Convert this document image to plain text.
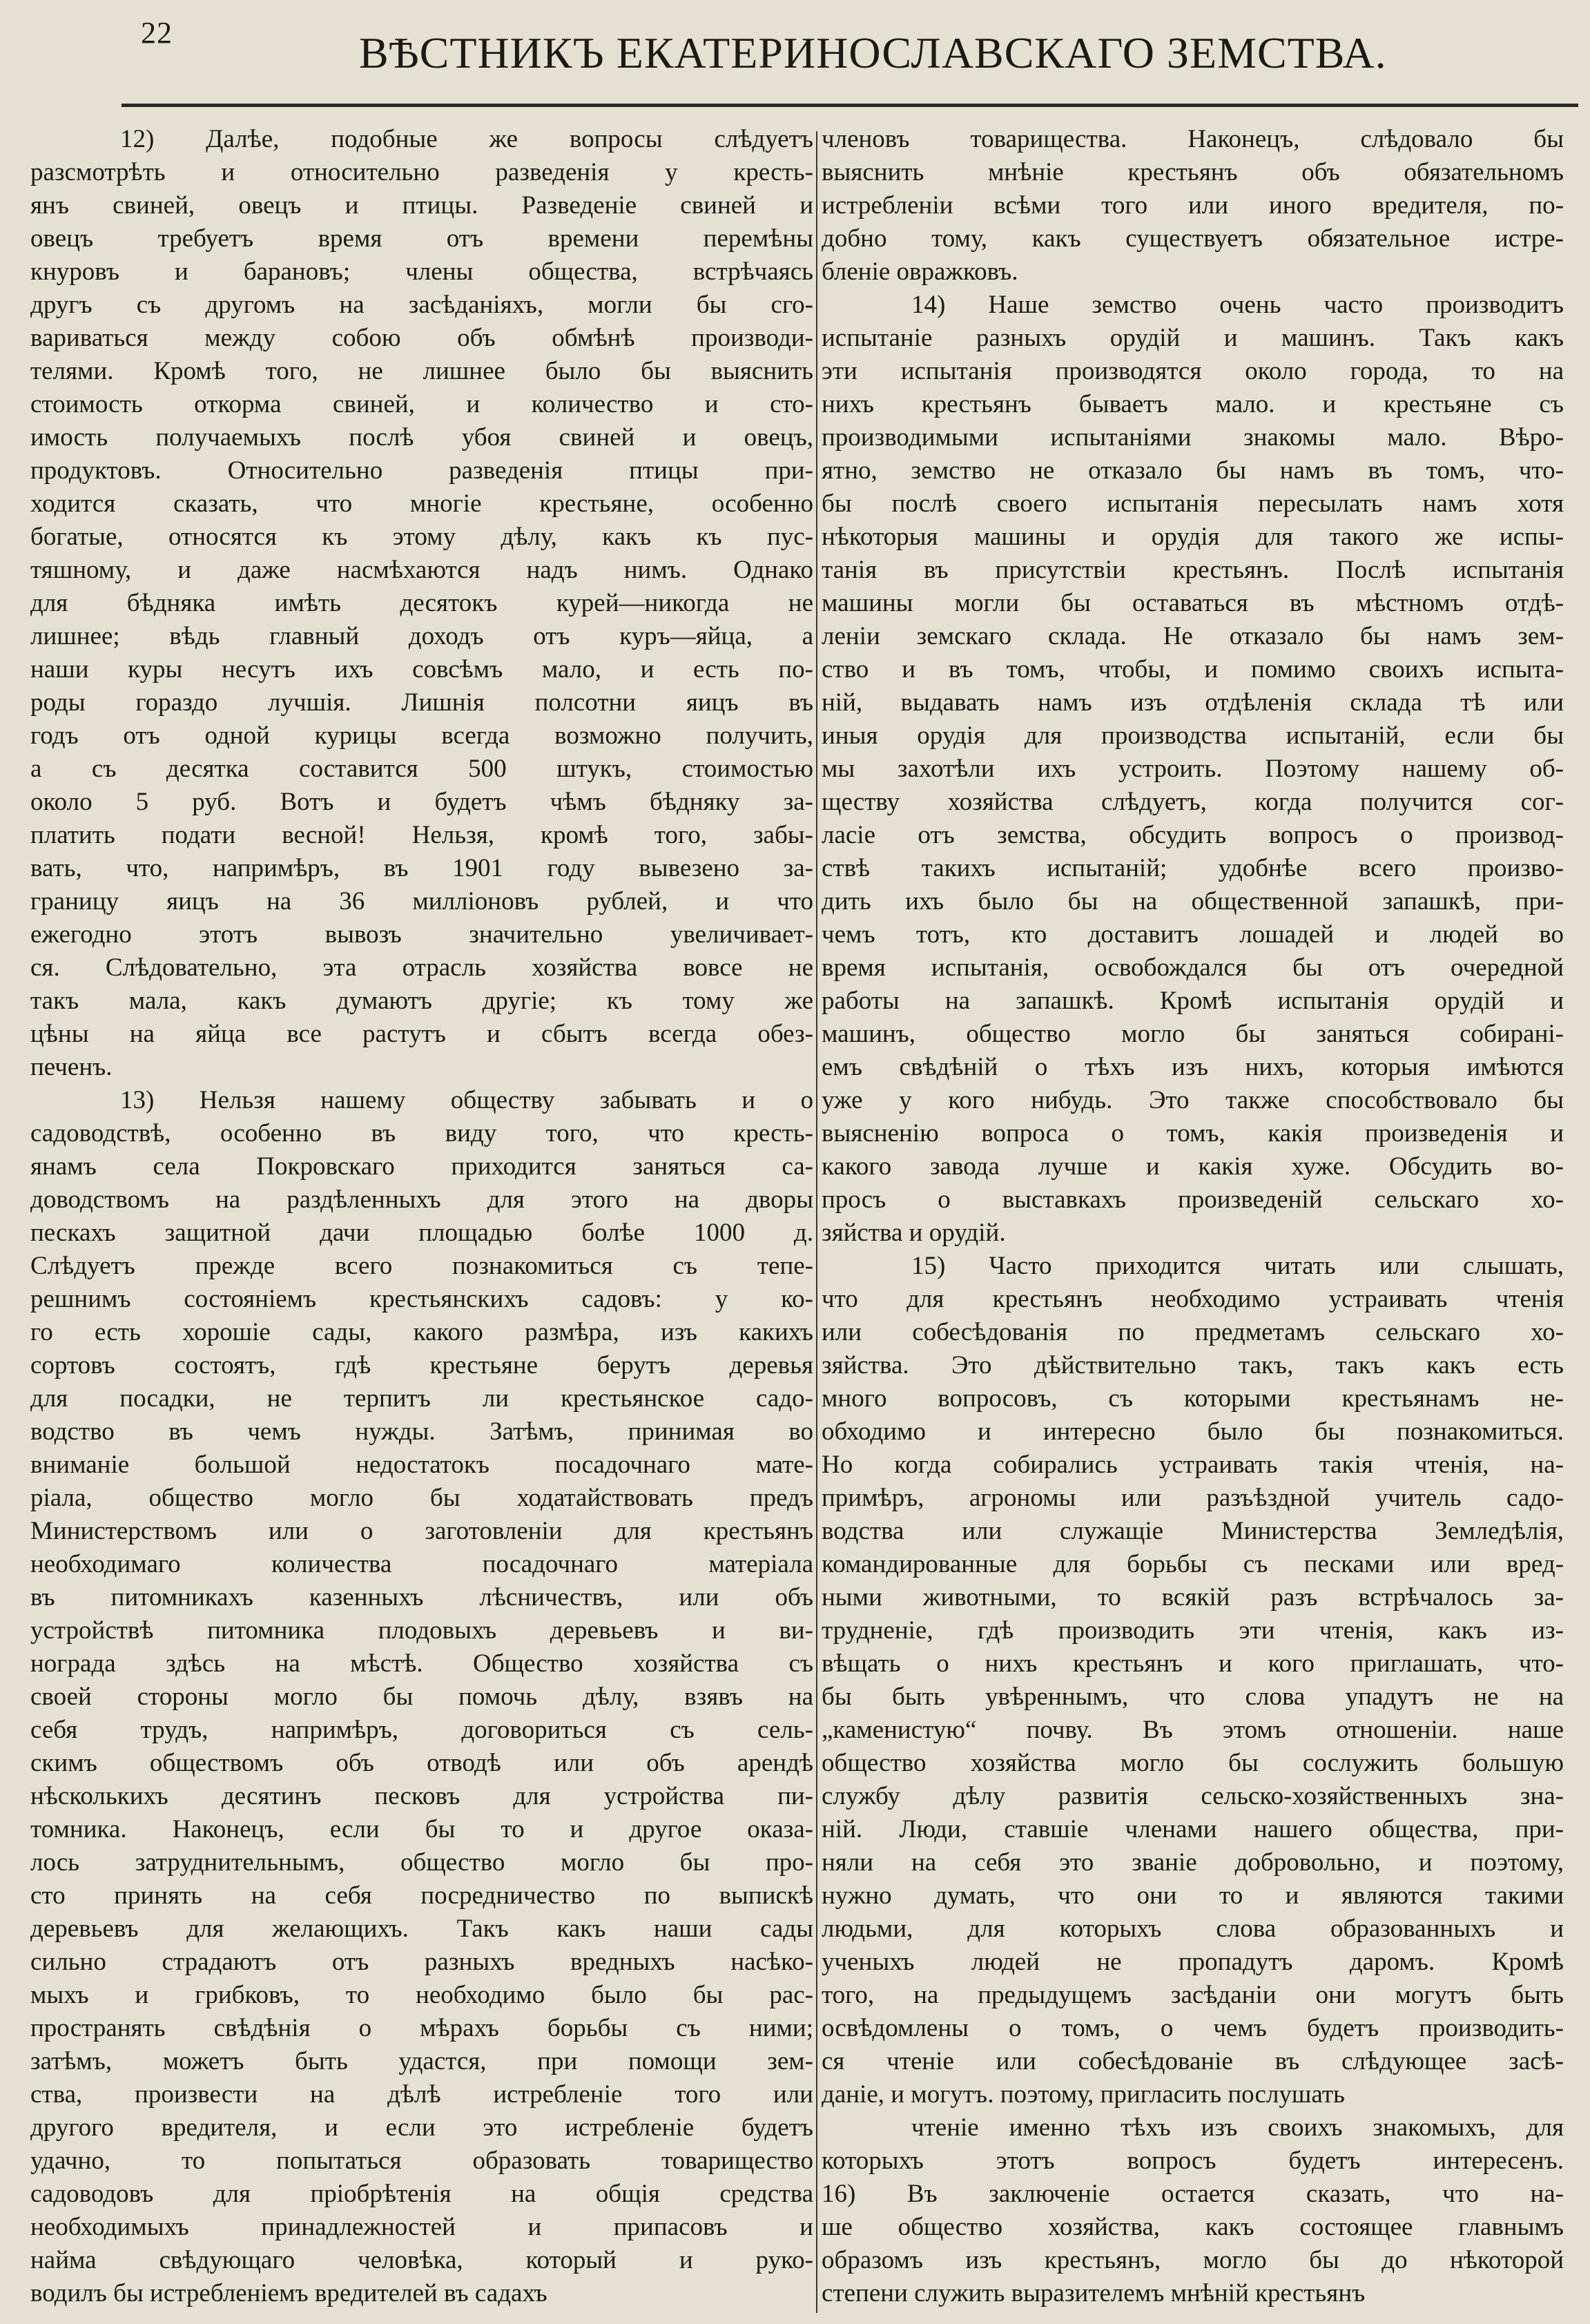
22	ВѢСТНИКЪ ЕКАТЕРИНОСЛАВСКАГО ЗЕМСТВА.
12) Далѣе, подобные же вопросы слѣдуетъ
разсмотрѣть и относительно разведенія у кресть-
янъ свиней, овецъ и птицы. Разведеніе свиней и
овецъ требуетъ время отъ времени перемѣны
кнуровъ и барановъ; члены общества, встрѣчаясь
другъ съ другомъ на засѣданіяхъ, могли бы сго-
вариваться между собою объ обмѣнѣ производи-
телями. Кромѣ того, не лишнее было бы выяснить
стоимость откорма свиней, и количество и сто-
имость получаемыхъ послѣ убоя свиней и овецъ,
продуктовъ. Относительно разведенія птицы при-
ходится сказать, что многіе крестьяне, особенно
богатые, относятся къ этому дѣлу, какъ къ пус-
тяшному, и даже насмѣхаются надъ нимъ. Однако
для бѣдняка имѣть десятокъ курей—никогда не
лишнее; вѣдь главный доходъ отъ куръ—яйца, а
наши куры несутъ ихъ совсѣмъ мало, и есть по-
роды гораздо лучшія. Лишнія полсотни яицъ въ
годъ отъ одной курицы всегда возможно получить,
а съ десятка составится 500 штукъ, стоимостью
около 5 руб. Вотъ и будетъ чѣмъ бѣдняку за-
платить подати весной! Нельзя, кромѣ того, забы-
вать, что, напримѣръ, въ 1901 году вывезено за-
границу яицъ на 36 милліоновъ рублей, и что
ежегодно этотъ вывозъ значительно увеличивает-
ся. Слѣдовательно, эта отрасль хозяйства вовсе не
такъ мала, какъ думаютъ другіе; къ тому же
цѣны на яйца все растутъ и сбытъ всегда обез-
печенъ.
13) Нельзя нашему обществу забывать и о
садоводствѣ, особенно въ виду того, что кресть-
янамъ села Покровскаго приходится заняться са-
доводствомъ на раздѣленныхъ для этого на дворы
пескахъ защитной дачи площадью болѣе 1000 д.
Слѣдуетъ прежде всего познакомиться съ тепе-
решнимъ состояніемъ крестьянскихъ садовъ: у ко-
го есть хорошіе сады, какого размѣра, изъ какихъ
сортовъ состоятъ, гдѣ крестьяне берутъ деревья
для посадки, не терпитъ ли крестьянское садо-
водство въ чемъ нужды. Затѣмъ, принимая во
вниманіе большой недостатокъ посадочнаго мате-
ріала, общество могло бы ходатайствовать предъ
Министерствомъ или о заготовленіи для крестьянъ
необходимаго количества посадочнаго матеріала
въ питомникахъ казенныхъ лѣсничествъ, или объ
устройствѣ питомника плодовыхъ деревьевъ и ви-
нограда здѣсь на мѣстѣ. Общество хозяйства съ
своей стороны могло бы помочь дѣлу, взявъ на
себя трудъ, напримѣръ, договориться съ сель-
скимъ обществомъ объ отводѣ или объ арендѣ
нѣсколькихъ десятинъ песковъ для устройства пи-
томника. Наконецъ, если бы то и другое оказа-
лось затруднительнымъ, общество могло бы про-
сто принять на себя посредничество по выпискѣ
деревьевъ для желающихъ. Такъ какъ наши сады
сильно страдаютъ отъ разныхъ вредныхъ насѣко-
мыхъ и грибковъ, то необходимо было бы рас-
пространять свѣдѣнія о мѣрахъ борьбы съ ними;
затѣмъ, можетъ быть удастся, при помощи зем-
ства, произвести на дѣлѣ истребленіе того или
другого вредителя, и если это истребленіе будетъ
удачно, то попытаться образовать товарищество
садоводовъ для пріобрѣтенія на общія средства
необходимыхъ принадлежностей и припасовъ и
найма свѣдующаго человѣка, который и руко-
водилъ бы истребленіемъ вредителей въ садахъ
членовъ товарищества. Наконецъ, слѣдовало бы
выяснить мнѣніе крестьянъ объ обязательномъ
истребленіи всѣми того или иного вредителя, по-
добно тому, какъ существуетъ обязательное истре-
бленіе овражковъ.
14) Наше земство очень часто производитъ
испытаніе разныхъ орудій и машинъ. Такъ какъ
эти испытанія производятся около города, то на
нихъ крестьянъ бываетъ мало. и крестьяне съ
производимыми испытаніями знакомы мало. Вѣро-
ятно, земство не отказало бы намъ въ томъ, что-
бы послѣ своего испытанія пересылать намъ хотя
нѣкоторыя машины и орудія для такого же испы-
танія въ присутствіи крестьянъ. Послѣ испытанія
машины могли бы оставаться въ мѣстномъ отдѣ-
леніи земскаго склада. Не отказало бы намъ зем-
ство и въ томъ, чтобы, и помимо своихъ испыта-
ній, выдавать намъ изъ отдѣленія склада тѣ или
иныя орудія для производства испытаній, если бы
мы захотѣли ихъ устроить. Поэтому нашему об-
ществу хозяйства слѣдуетъ, когда получится сог-
ласіе отъ земства, обсудить вопросъ о производ-
ствѣ такихъ испытаній; удобнѣе всего произво-
дить ихъ было бы на общественной запашкѣ, при-
чемъ тотъ, кто доставитъ лошадей и людей во
время испытанія, освобождался бы отъ очередной
работы на запашкѣ. Кромѣ испытанія орудій и
машинъ, общество могло бы заняться собирані-
емъ свѣдѣній о тѣхъ изъ нихъ, которыя имѣются
уже у кого нибудь. Это также способствовало бы
выясненію вопроса о томъ, какія произведенія и
какого завода лучше и какія хуже. Обсудить во-
просъ о выставкахъ произведеній сельскаго хо-
зяйства и орудій.
15) Часто приходится читать или слышать,
что для крестьянъ необходимо устраивать чтенія
или собесѣдованія по предметамъ сельскаго хо-
зяйства. Это дѣйствительно такъ, такъ какъ есть
много вопросовъ, съ которыми крестьянамъ не-
обходимо и интересно было бы познакомиться.
Но когда собирались устраивать такія чтенія, на-
примѣръ, агрономы или разъѣздной учитель садо-
водства или служащіе Министерства Земледѣлія,
командированные для борьбы съ песками или вред-
ными животными, то всякій разъ встрѣчалось за-
трудненіе, гдѣ производить эти чтенія, какъ из-
вѣщать о нихъ крестьянъ и кого приглашать, что-
бы быть увѣреннымъ, что слова упадутъ не на
„каменистую“ почву. Въ этомъ отношеніи. наше
общество хозяйства могло бы сослужить большую
службу дѣлу развитія сельско-хозяйственныхъ зна-
ній. Люди, ставшіе членами нашего общества, при-
няли на себя это званіе добровольно, и поэтому,
нужно думать, что они то и являются такими
людьми, для которыхъ слова образованныхъ и
ученыхъ людей не пропадутъ даромъ. Кромѣ
того, на предыдущемъ засѣданіи они могутъ быть
освѣдомлены о томъ, о чемъ будетъ производить-
ся чтеніе или собесѣдованіе въ слѣдующее засѣ-
даніе, и могутъ. поэтому, пригласить послушать
чтеніе именно тѣхъ изъ своихъ знакомыхъ, для
которыхъ этотъ вопросъ будетъ интересенъ.
16) Въ заключеніе остается сказать, что на-
ше общество хозяйства, какъ состоящее главнымъ
образомъ изъ крестьянъ, могло бы до нѣкоторой
степени служить выразителемъ мнѣній крестьянъ
